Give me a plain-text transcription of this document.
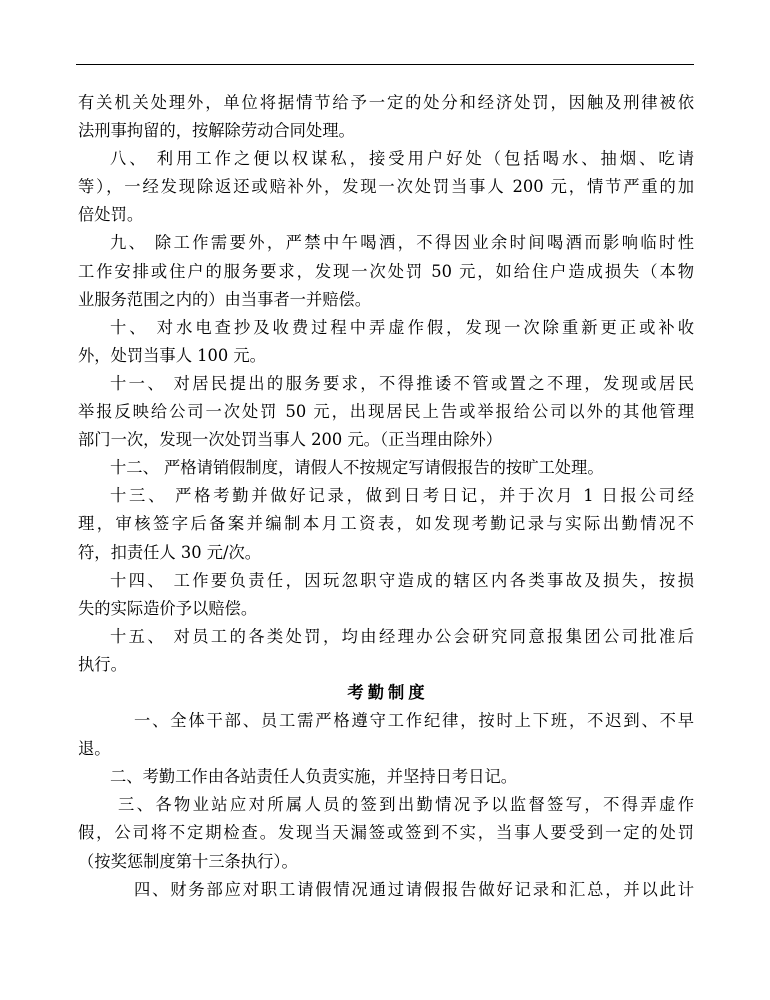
有关机关处理外，单位将据情节给予一定的处分和经济处罚，因触及刑律被依
法刑事拘留的，按解除劳动合同处理。
八、 利用工作之便以权谋私，接受用户好处（包括喝水、抽烟、吃请
等），一经发现除返还或赔补外，发现一次处罚当事人 200 元，情节严重的加
倍处罚。
九、 除工作需要外，严禁中午喝酒，不得因业余时间喝酒而影响临时性
工作安排或住户的服务要求，发现一次处罚 50 元，如给住户造成损失（本物
业服务范围之内的）由当事者一并赔偿。
十、 对水电查抄及收费过程中弄虚作假，发现一次除重新更正或补收
外，处罚当事人 100 元。
十一、 对居民提出的服务要求，不得推诿不管或置之不理，发现或居民
举报反映给公司一次处罚 50 元，出现居民上告或举报给公司以外的其他管理
部门一次，发现一次处罚当事人 200 元。（正当理由除外）
十二、 严格请销假制度，请假人不按规定写请假报告的按旷工处理。
十三、 严格考勤并做好记录，做到日考日记，并于次月 1 日报公司经
理，审核签字后备案并编制本月工资表，如发现考勤记录与实际出勤情况不
符，扣责任人 30 元/次。
十四、 工作要负责任，因玩忽职守造成的辖区内各类事故及损失，按损
失的实际造价予以赔偿。
十五、 对员工的各类处罚，均由经理办公会研究同意报集团公司批准后
执行。
考勤制度
一、全体干部、员工需严格遵守工作纪律，按时上下班，不迟到、不早
退。
二、考勤工作由各站责任人负责实施，并坚持日考日记。
三、各物业站应对所属人员的签到出勤情况予以监督签写，不得弄虚作
假，公司将不定期检查。发现当天漏签或签到不实，当事人要受到一定的处罚
（按奖惩制度第十三条执行）。
四、财务部应对职工请假情况通过请假报告做好记录和汇总，并以此计
